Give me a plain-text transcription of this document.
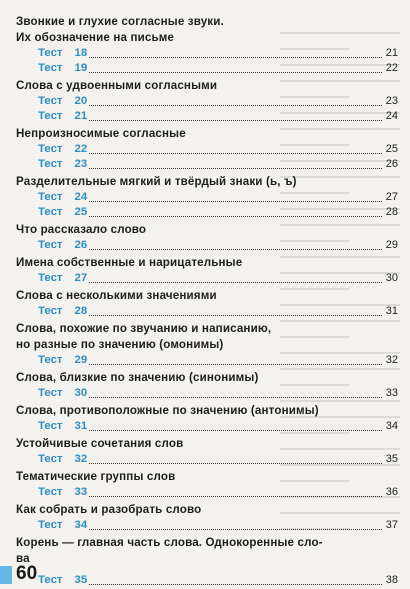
Звонкие и глухие согласные звуки.
Их обозначение на письме
Тест 18	21
Тест 19	22
Слова с удвоенными согласными
Тест 20	23
Тест 21	24
Непроизносимые согласные
Тест 22	25
Тест 23	26
Разделительные мягкий и твёрдый знаки (ь, ъ)
Тест 24	27
Тест 25	28
Что рассказало слово
Тест 26	29
Имена собственные и нарицательные
Тест 27	30
Слова с несколькими значениями
Тест 28	31
Слова, похожие по звучанию и написанию,
но разные по значению (омонимы)
Тест 29	32
Слова, близкие по значению (синонимы)
Тест 30	33
Слова, противоположные по значению (антонимы)
Тест 31	34
Устойчивые сочетания слов
Тест 32	35
Тематические группы слов
Тест 33	36
Как собрать и разобрать слово
Тест 34	37
Корень — главная часть слова. Однокоренные сло-
ва
Тест 35	38
60
